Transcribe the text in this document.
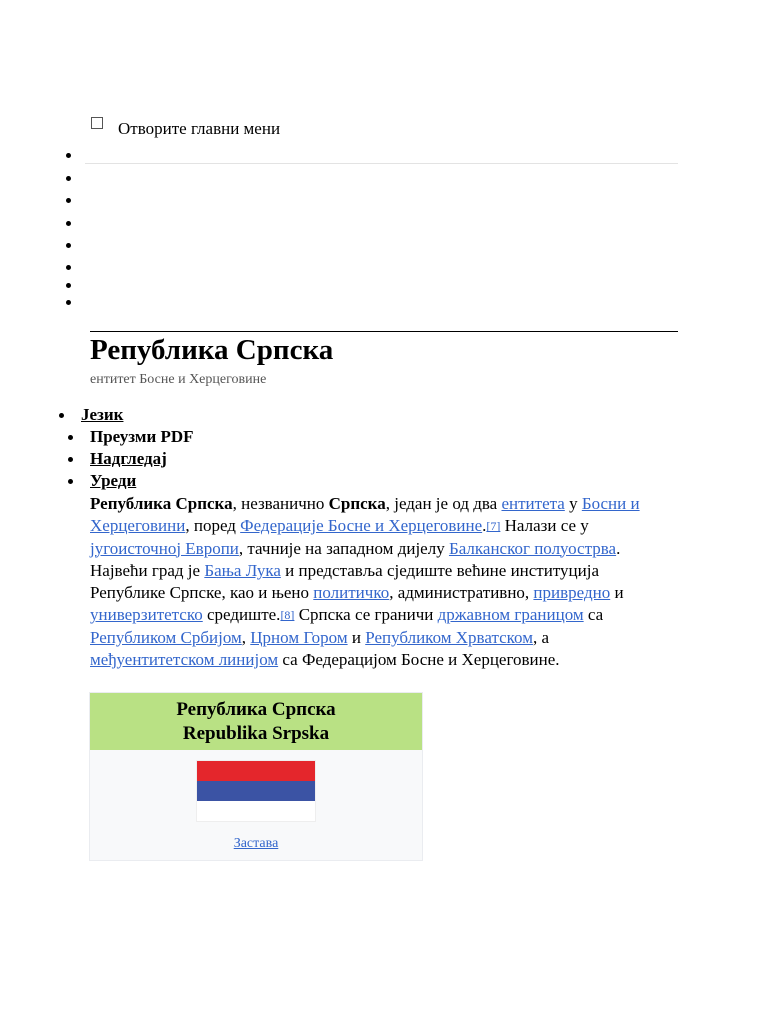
Отворите главни мени
Република Српска
ентитет Босне и Херцеговине
Језик
Преузми PDF
Надгледај
Уреди

Република Српска, незванично Српска, један је од два ентитета у Босни и Херцеговини, поред Федерације Босне и Херцеговине.[7] Налази се у југоисточној Европи, тачније на западном дијелу Балканског полуострва. Највећи град је Бања Лука и представља сједиште већине институција Републике Српске, као и њено политичко, административно, привредно и универзитетско средиште.[8] Српска се граничи државном границом са Републиком Србијом, Црном Гором и Републиком Хрватском, а међуентитетском линијом са Федерацијом Босне и Херцеговине.

Република Српска
Republika Srpska
Застава
